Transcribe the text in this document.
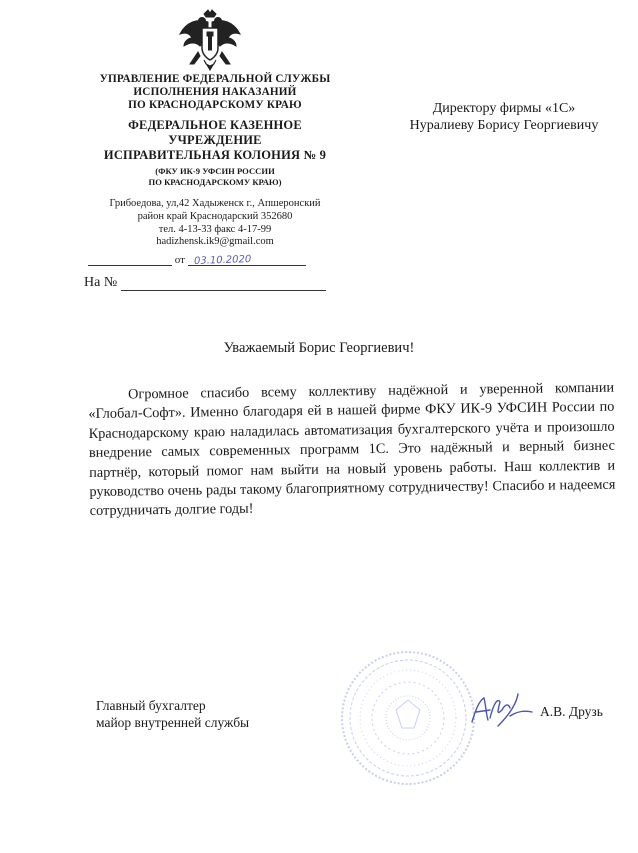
УПРАВЛЕНИЕ ФЕДЕРАЛЬНОЙ СЛУЖБЫ
ИСПОЛНЕНИЯ НАКАЗАНИЙ
ПО КРАСНОДАРСКОМУ КРАЮ
ФЕДЕРАЛЬНОЕ КАЗЕННОЕ
УЧРЕЖДЕНИЕ
ИСПРАВИТЕЛЬНАЯ КОЛОНИЯ № 9
(ФКУ ИК-9 УФСИН РОССИИ
ПО КРАСНОДАРСКОМУ КРАЮ)
Грибоедова, ул,42 Хадыженск г., Апшеронский
район край Краснодарский 352680
тел. 4-13-33 факс 4-17-99
hadizhensk.ik9@gmail.com
от 03.10.2020
На №
Директору фирмы «1С»
Нуралиеву Борису Георгиевичу
Уважаемый Борис Георгиевич!
Огромное спасибо всему коллективу надёжной и уверенной компании «Глобал-Софт». Именно благодаря ей в нашей фирме ФКУ ИК-9 УФСИН России по Краснодарскому краю наладилась автоматизация бухгалтерского учёта и произошло внедрение самых современных программ 1С. Это надёжный и верный бизнес партнёр, который помог нам выйти на новый уровень работы. Наш коллектив и руководство очень рады такому благоприятному сотрудничеству! Спасибо и надеемся сотрудничать долгие годы!
Главный бухгалтер
майор внутренней службы
А.В. Друзь
